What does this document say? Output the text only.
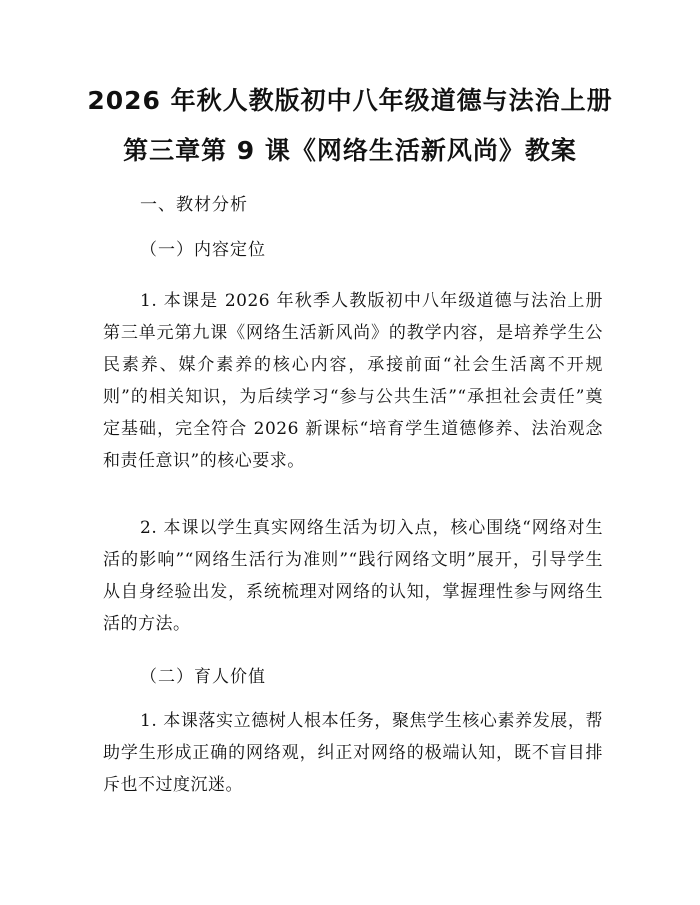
2026 年秋人教版初中八年级道德与法治上册
第三章第 9 课《网络生活新风尚》教案
一、教材分析
（一）内容定位
1. 本课是 2026 年秋季人教版初中八年级道德与法治上册第三单元第九课《网络生活新风尚》的教学内容，是培养学生公民素养、媒介素养的核心内容，承接前面“社会生活离不开规则”的相关知识，为后续学习“参与公共生活”“承担社会责任”奠定基础，完全符合 2026 新课标“培育学生道德修养、法治观念和责任意识”的核心要求。
2. 本课以学生真实网络生活为切入点，核心围绕“网络对生活的影响”“网络生活行为准则”“践行网络文明”展开，引导学生从自身经验出发，系统梳理对网络的认知，掌握理性参与网络生活的方法。
（二）育人价值
1. 本课落实立德树人根本任务，聚焦学生核心素养发展，帮助学生形成正确的网络观，纠正对网络的极端认知，既不盲目排斥也不过度沉迷。
